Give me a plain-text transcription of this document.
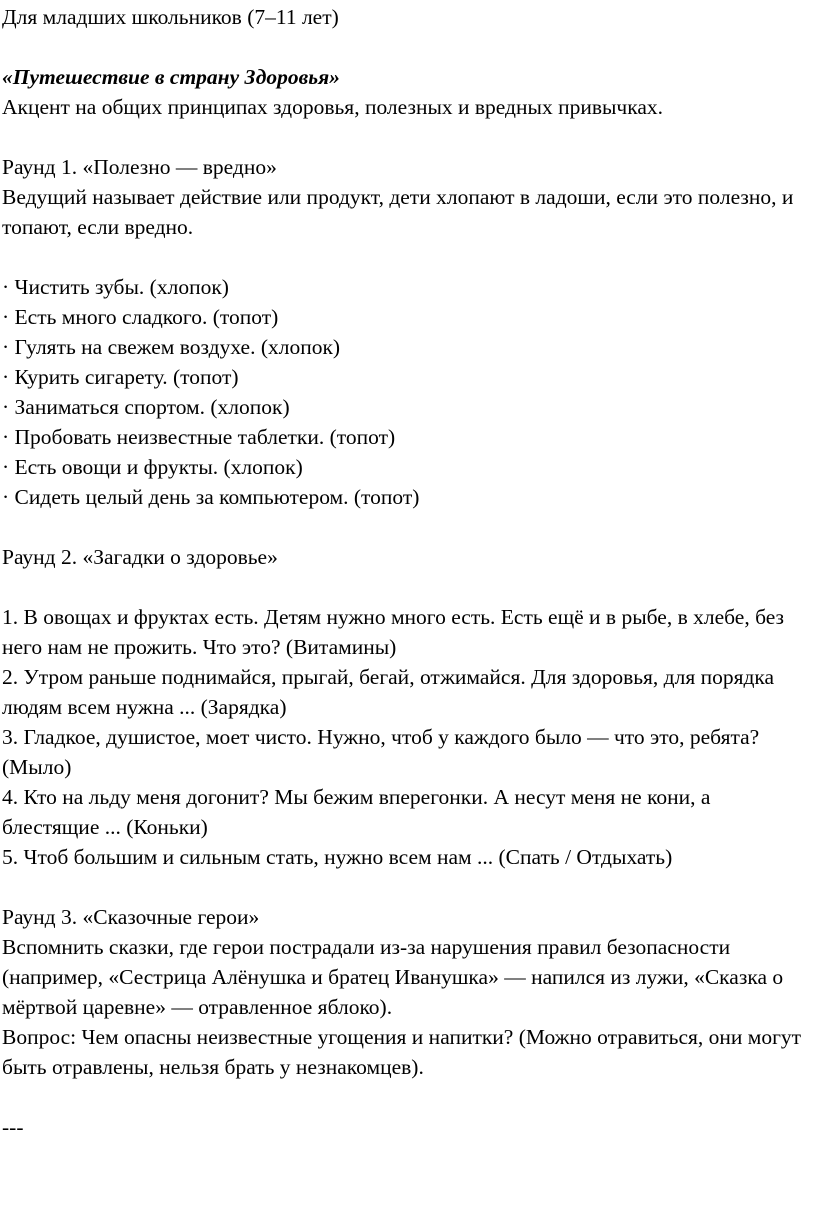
Для младших школьников (7–11 лет)

«Путешествие в страну Здоровья»

Акцент на общих принципах здоровья, полезных и вредных привычках.

Раунд 1. «Полезно — вредно»

Ведущий называет действие или продукт, дети хлопают в ладоши, если это полезно, и топают, если вредно.

· Чистить зубы. (хлопок)
· Есть много сладкого. (топот)
· Гулять на свежем воздухе. (хлопок)
· Курить сигарету. (топот)
· Заниматься спортом. (хлопок)
· Пробовать неизвестные таблетки. (топот)
· Есть овощи и фрукты. (хлопок)
· Сидеть целый день за компьютером. (топот)

Раунд 2. «Загадки о здоровье»

1. В овощах и фруктах есть. Детям нужно много есть. Есть ещё и в рыбе, в хлебе, без него нам не прожить. Что это? (Витамины)
2. Утром раньше поднимайся, прыгай, бегай, отжимайся. Для здоровья, для порядка людям всем нужна ... (Зарядка)
3. Гладкое, душистое, моет чисто. Нужно, чтоб у каждого было — что это, ребята? (Мыло)
4. Кто на льду меня догонит? Мы бежим вперегонки. А несут меня не кони, а блестящие ... (Коньки)
5. Чтоб большим и сильным стать, нужно всем нам ... (Спать / Отдыхать)

Раунд 3. «Сказочные герои»

Вспомнить сказки, где герои пострадали из-за нарушения правил безопасности (например, «Сестрица Алёнушка и братец Иванушка» — напился из лужи, «Сказка о мёртвой царевне» — отравленное яблоко).

Вопрос: Чем опасны неизвестные угощения и напитки? (Можно отравиться, они могут быть отравлены, нельзя брать у незнакомцев).

---
